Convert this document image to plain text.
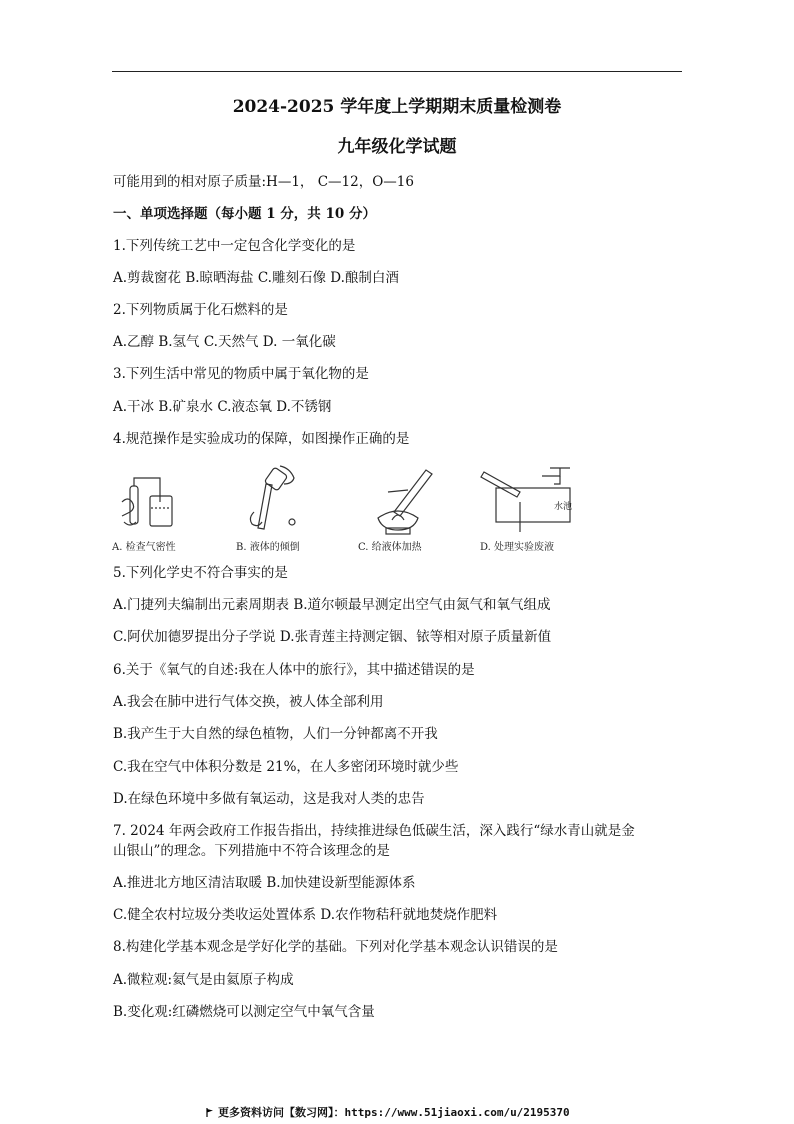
2024-2025 学年度上学期期末质量检测卷
九年级化学试题
可能用到的相对原子质量:H—1， C—12，O—16
一、单项选择题（每小题 1 分，共 10 分）
1.下列传统工艺中一定包含化学变化的是
A.剪裁窗花 B.晾晒海盐 C.雕刻石像 D.酿制白酒
2.下列物质属于化石燃料的是
A.乙醇 B.氢气 C.天然气 D. 一氧化碳
3.下列生活中常见的物质中属于氧化物的是
A.干冰 B.矿泉水 C.液态氧 D.不锈钢
4.规范操作是实验成功的保障，如图操作正确的是
A. 检查气密性	B. 液体的倾倒	C. 给液体加热
水池
D. 处理实验废液
5.下列化学史不符合事实的是
A.门捷列夫编制出元素周期表 B.道尔顿最早测定出空气由氮气和氧气组成
C.阿伏加德罗提出分子学说 D.张青莲主持测定铟、铱等相对原子质量新值
6.关于《氧气的自述:我在人体中的旅行》，其中描述错误的是
A.我会在肺中进行气体交换，被人体全部利用
B.我产生于大自然的绿色植物，人们一分钟都离不开我
C.我在空气中体积分数是 21%，在人多密闭环境时就少些
D.在绿色环境中多做有氧运动，这是我对人类的忠告
7. 2024 年两会政府工作报告指出，持续推进绿色低碳生活，深入践行“绿水青山就是金
山银山”的理念。下列措施中不符合该理念的是
A.推进北方地区清洁取暖 B.加快建设新型能源体系
C.健全农村垃圾分类收运处置体系 D.农作物秸秆就地焚烧作肥料
8.构建化学基本观念是学好化学的基础。下列对化学基本观念认识错误的是
A.微粒观:氦气是由氦原子构成
B.变化观:红磷燃烧可以测定空气中氧气含量
更多资料访问【数习网】：https://www.51jiaoxi.com/u/2195370
